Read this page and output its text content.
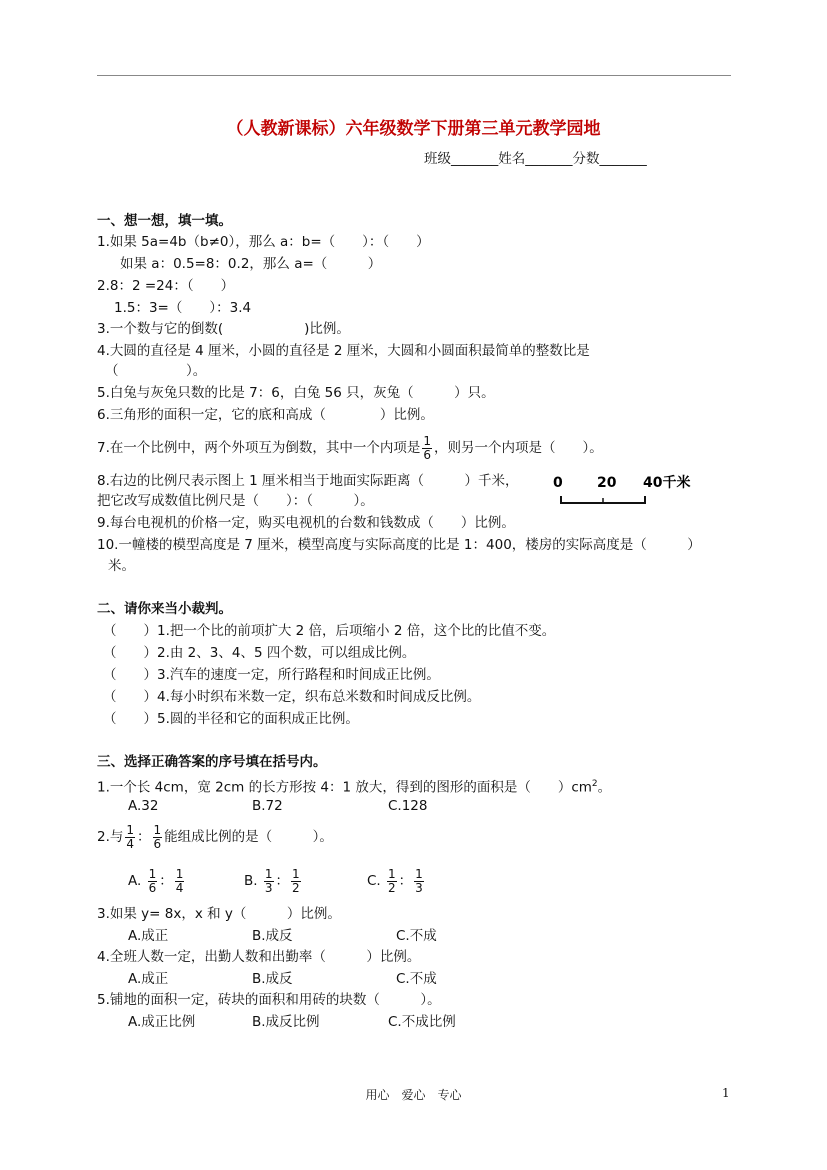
（人教新课标）六年级数学下册第三单元教学园地
班级_______姓名_______分数_______
一、想一想，填一填。
1.如果 5a=4b（b≠0），那么 a：b=（　　）：（　　）
如果 a：0.5=8：0.2，那么 a=（　　　）
2.8：2 =24：（　　）
1.5：3=（　　）：3.4
3.一个数与它的倒数(　　　　　　)比例。
4.大圆的直径是 4 厘米，小圆的直径是 2 厘米，大圆和小圆面积最简单的整数比是
（　　　　　）。
5.白兔与灰兔只数的比是 7：6，白兔 56 只，灰兔（　　　）只。
6.三角形的面积一定，它的底和高成（　　　　）比例。
7.在一个比例中，两个外项互为倒数，其中一个内项是 $\frac{1}{6}$ ，则另一个内项是（　　）。
8.右边的比例尺表示图上 1 厘米相当于地面实际距离（　　　）千米，
把它改写成数值比例尺是（　　）：（　　　）。
0 20 40千米
9.每台电视机的价格一定，购买电视机的台数和钱数成（　　）比例。
10.一幢楼的模型高度是 7 厘米，模型高度与实际高度的比是 1：400，楼房的实际高度是（　　　）
米。
二、请你来当小裁判。
（　　）1.把一个比的前项扩大 2 倍，后项缩小 2 倍，这个比的比值不变。
（　　）2.由 2、3、4、5 四个数，可以组成比例。
（　　）3.汽车的速度一定，所行路程和时间成正比例。
（　　）4.每小时织布米数一定，织布总米数和时间成反比例。
（　　）5.圆的半径和它的面积成正比例。
三、选择正确答案的序号填在括号内。
1.一个长 4cm，宽 2cm 的长方形按 4：1 放大，得到的图形的面积是（　　）$cm^2$。
A.32	B.72	C.128
2.与 $\frac{1}{4}$ ： $\frac{1}{6}$ 能组成比例的是（　　　）。
A. $\frac{1}{6}$ ： $\frac{1}{4}$	B. $\frac{1}{3}$ ： $\frac{1}{2}$	C. $\frac{1}{2}$ ： $\frac{1}{3}$
3.如果 y= 8x，x 和 y（　　　）比例。
A.成正	B.成反	C.不成
4.全班人数一定，出勤人数和出勤率（　　　）比例。
A.成正	B.成反	C.不成
5.铺地的面积一定，砖块的面积和用砖的块数（　　　）。
A.成正比例	B.成反比例	C.不成比例
用心　爱心　专心	1
